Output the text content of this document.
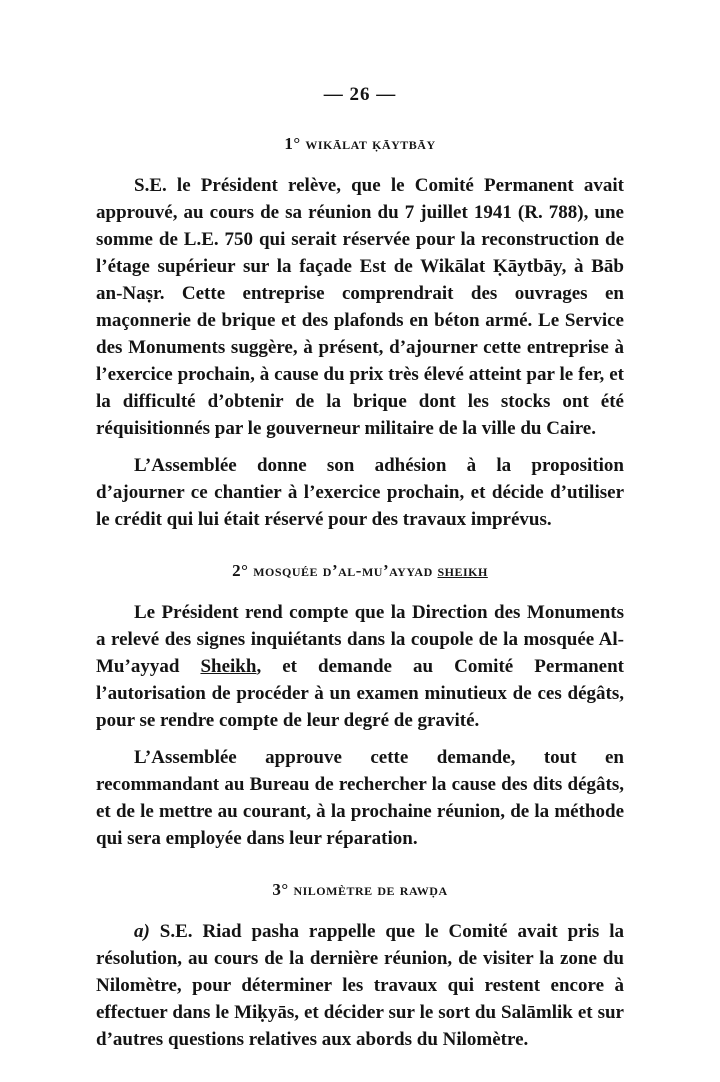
— 26 —
1° wikālat ḳāytbāy

S.E. le Président relève, que le Comité Permanent avait approuvé, au cours de sa réunion du 7 juillet 1941 (R. 788), une somme de L.E. 750 qui serait réservée pour la reconstruction de l’étage supérieur sur la façade Est de Wikālat Ḳāytbāy, à Bāb an-Naṣr. Cette entreprise comprendrait des ouvrages en maçonnerie de brique et des plafonds en béton armé. Le Service des Monuments suggère, à présent, d’ajourner cette entreprise à l’exercice prochain, à cause du prix très élevé atteint par le fer, et la difficulté d’obtenir de la brique dont les stocks ont été réquisitionnés par le gouverneur militaire de la ville du Caire.

L’Assemblée donne son adhésion à la proposition d’ajourner ce chantier à l’exercice prochain, et décide d’utiliser le crédit qui lui était réservé pour des travaux imprévus.

2° mosquée d’al-mu’ayyad sheikh

Le Président rend compte que la Direction des Monuments a relevé des signes inquiétants dans la coupole de la mosquée Al-Mu’ayyad Sheikh, et demande au Comité Permanent l’autorisation de procéder à un examen minutieux de ces dégâts, pour se rendre compte de leur degré de gravité.

L’Assemblée approuve cette demande, tout en recommandant au Bureau de rechercher la cause des dits dégâts, et de le mettre au courant, à la prochaine réunion, de la méthode qui sera employée dans leur réparation.

3° nilomètre de rawḍa

a) S.E. Riad pasha rappelle que le Comité avait pris la résolution, au cours de la dernière réunion, de visiter la zone du Nilomètre, pour déterminer les travaux qui restent encore à effectuer dans le Miḳyās, et décider sur le sort du Salāmlik et sur d’autres questions relatives aux abords du Nilomètre.
